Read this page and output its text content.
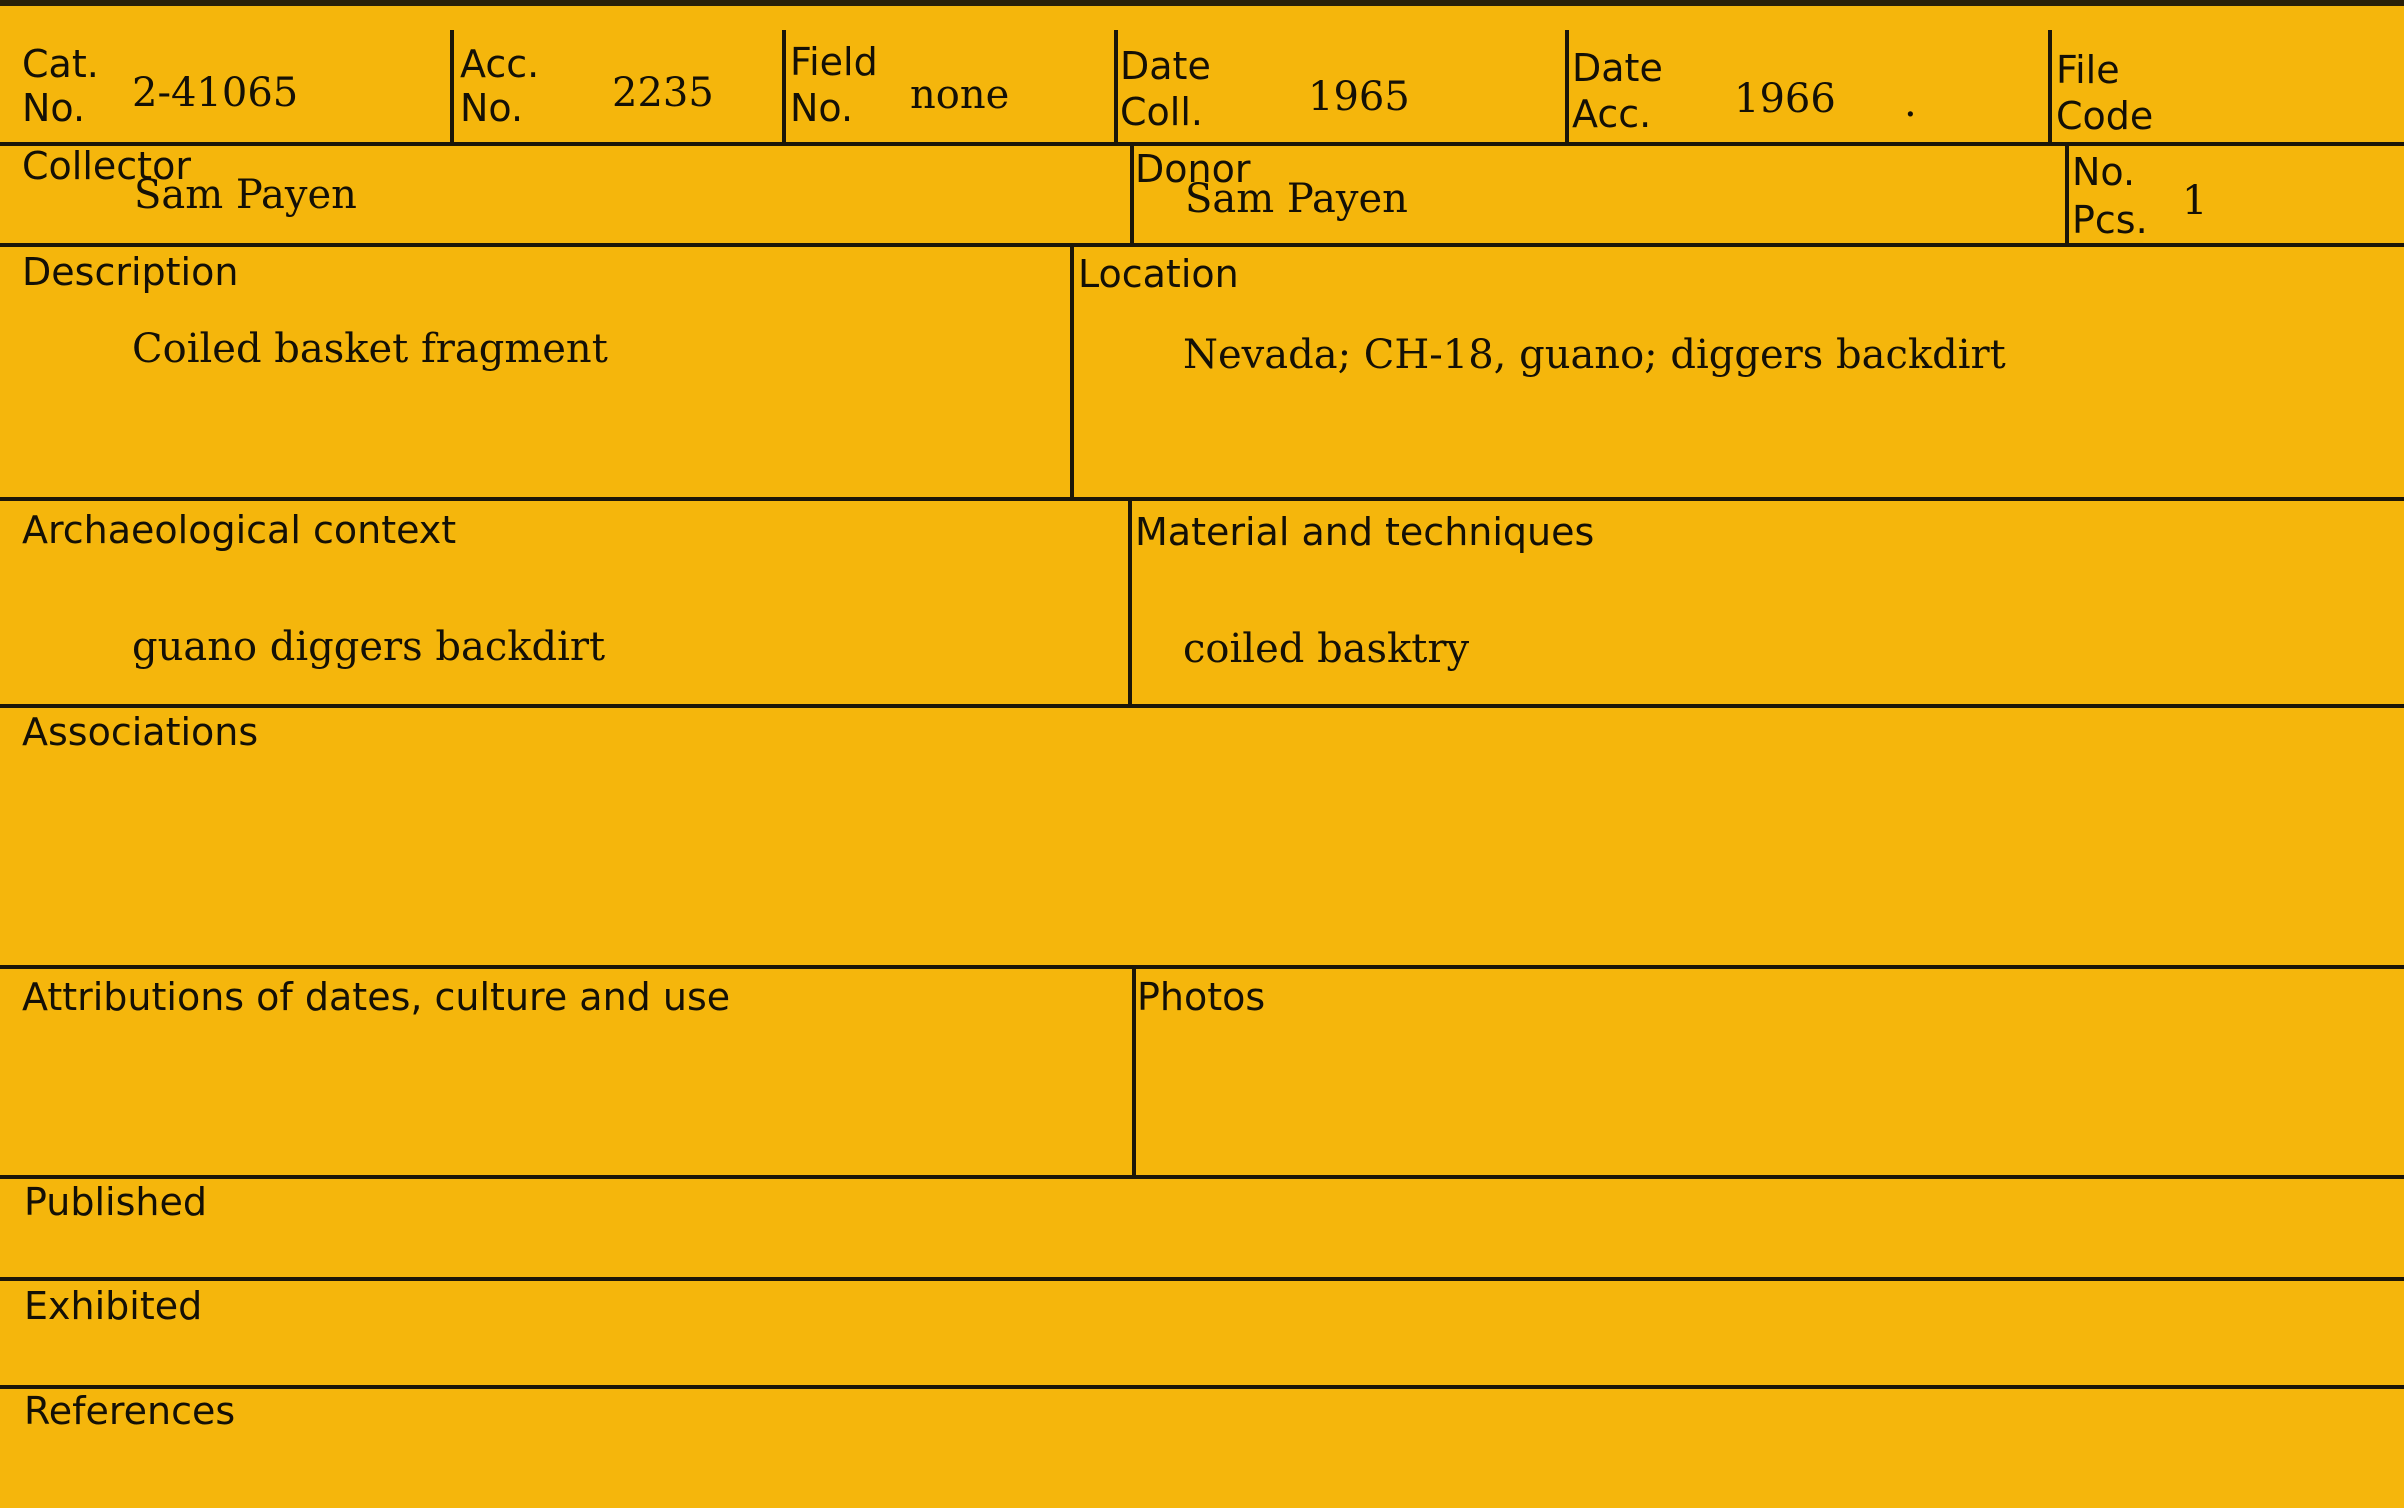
Cat.
No. 2-41065
Acc.
No. 2235
Field
No. none
Date
Coll.	1965
Date
Acc. 1966 .
File
Code
Collector
Sam Payen
Donor
Sam Payen
No.
Pcs. 1
Description
Coiled basket fragment
Location
Nevada; CH-18, guano; diggers backdirt
Archaeological context
guano diggers backdirt
Material and techniques
coiled basktry
Associations
Attributions of dates, culture and use	Photos
Published
Exhibited
References
